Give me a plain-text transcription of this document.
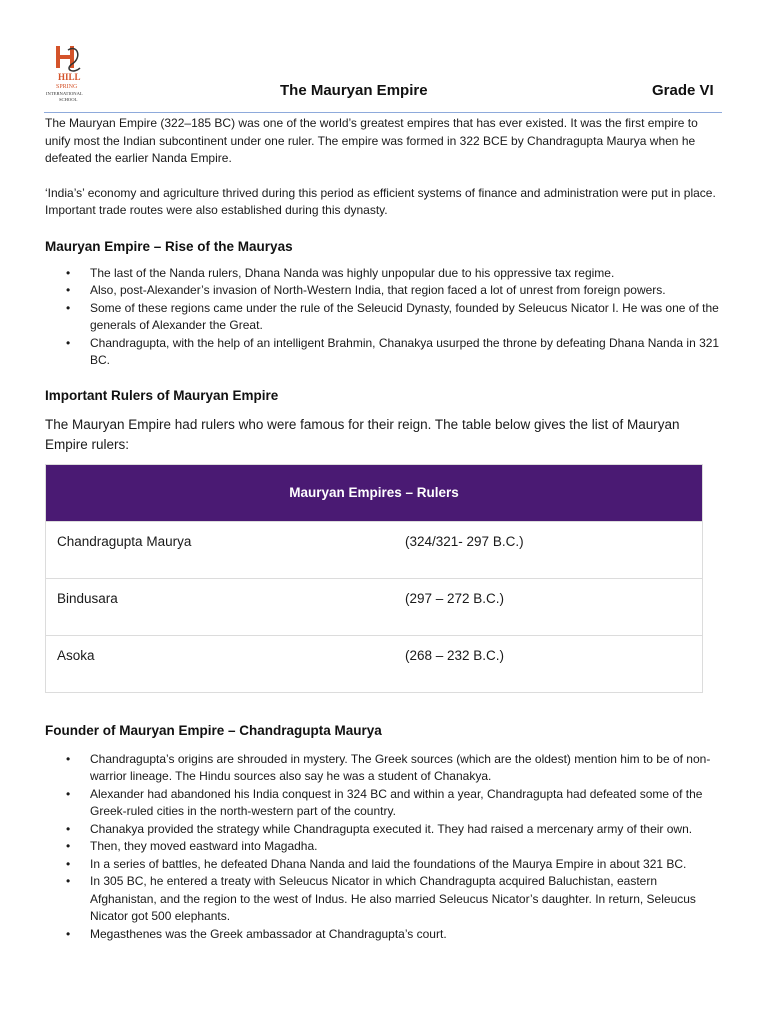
HILL
SPRING
INTERNATIONAL
SCHOOL
The Mauryan Empire	Grade VI

The Mauryan Empire (322–185 BC) was one of the world’s greatest empires that has ever existed. It was the first empire to unify most the Indian subcontinent under one ruler. The empire was formed in 322 BCE by Chandragupta Maurya when he defeated the earlier Nanda Empire.

‘India’s’ economy and agriculture thrived during this period as efficient systems of finance and administration were put in place. Important trade routes were also established during this dynasty.

Mauryan Empire – Rise of the Mauryas
• The last of the Nanda rulers, Dhana Nanda was highly unpopular due to his oppressive tax regime.
• Also, post-Alexander’s invasion of North-Western India, that region faced a lot of unrest from foreign powers.
• Some of these regions came under the rule of the Seleucid Dynasty, founded by Seleucus Nicator I. He was one of the generals of Alexander the Great.
• Chandragupta, with the help of an intelligent Brahmin, Chanakya usurped the throne by defeating Dhana Nanda in 321 BC.
Important Rulers of Mauryan Empire

The Mauryan Empire had rulers who were famous for their reign. The table below gives the list of Mauryan Empire rulers:

Mauryan Empires – Rulers
Chandragupta Maurya	(324/321- 297 B.C.)
Bindusara	(297 – 272 B.C.)
Asoka	(268 – 232 B.C.)
Founder of Mauryan Empire – Chandragupta Maurya
• Chandragupta’s origins are shrouded in mystery. The Greek sources (which are the oldest) mention him to be of non-warrior lineage. The Hindu sources also say he was a student of Chanakya.
• Alexander had abandoned his India conquest in 324 BC and within a year, Chandragupta had defeated some of the Greek-ruled cities in the north-western part of the country.
• Chanakya provided the strategy while Chandragupta executed it. They had raised a mercenary army of their own.
• Then, they moved eastward into Magadha.
• In a series of battles, he defeated Dhana Nanda and laid the foundations of the Maurya Empire in about 321 BC.
• In 305 BC, he entered a treaty with Seleucus Nicator in which Chandragupta acquired Baluchistan, eastern Afghanistan, and the region to the west of Indus. He also married Seleucus Nicator’s daughter. In return, Seleucus Nicator got 500 elephants.
• Megasthenes was the Greek ambassador at Chandragupta’s court.
